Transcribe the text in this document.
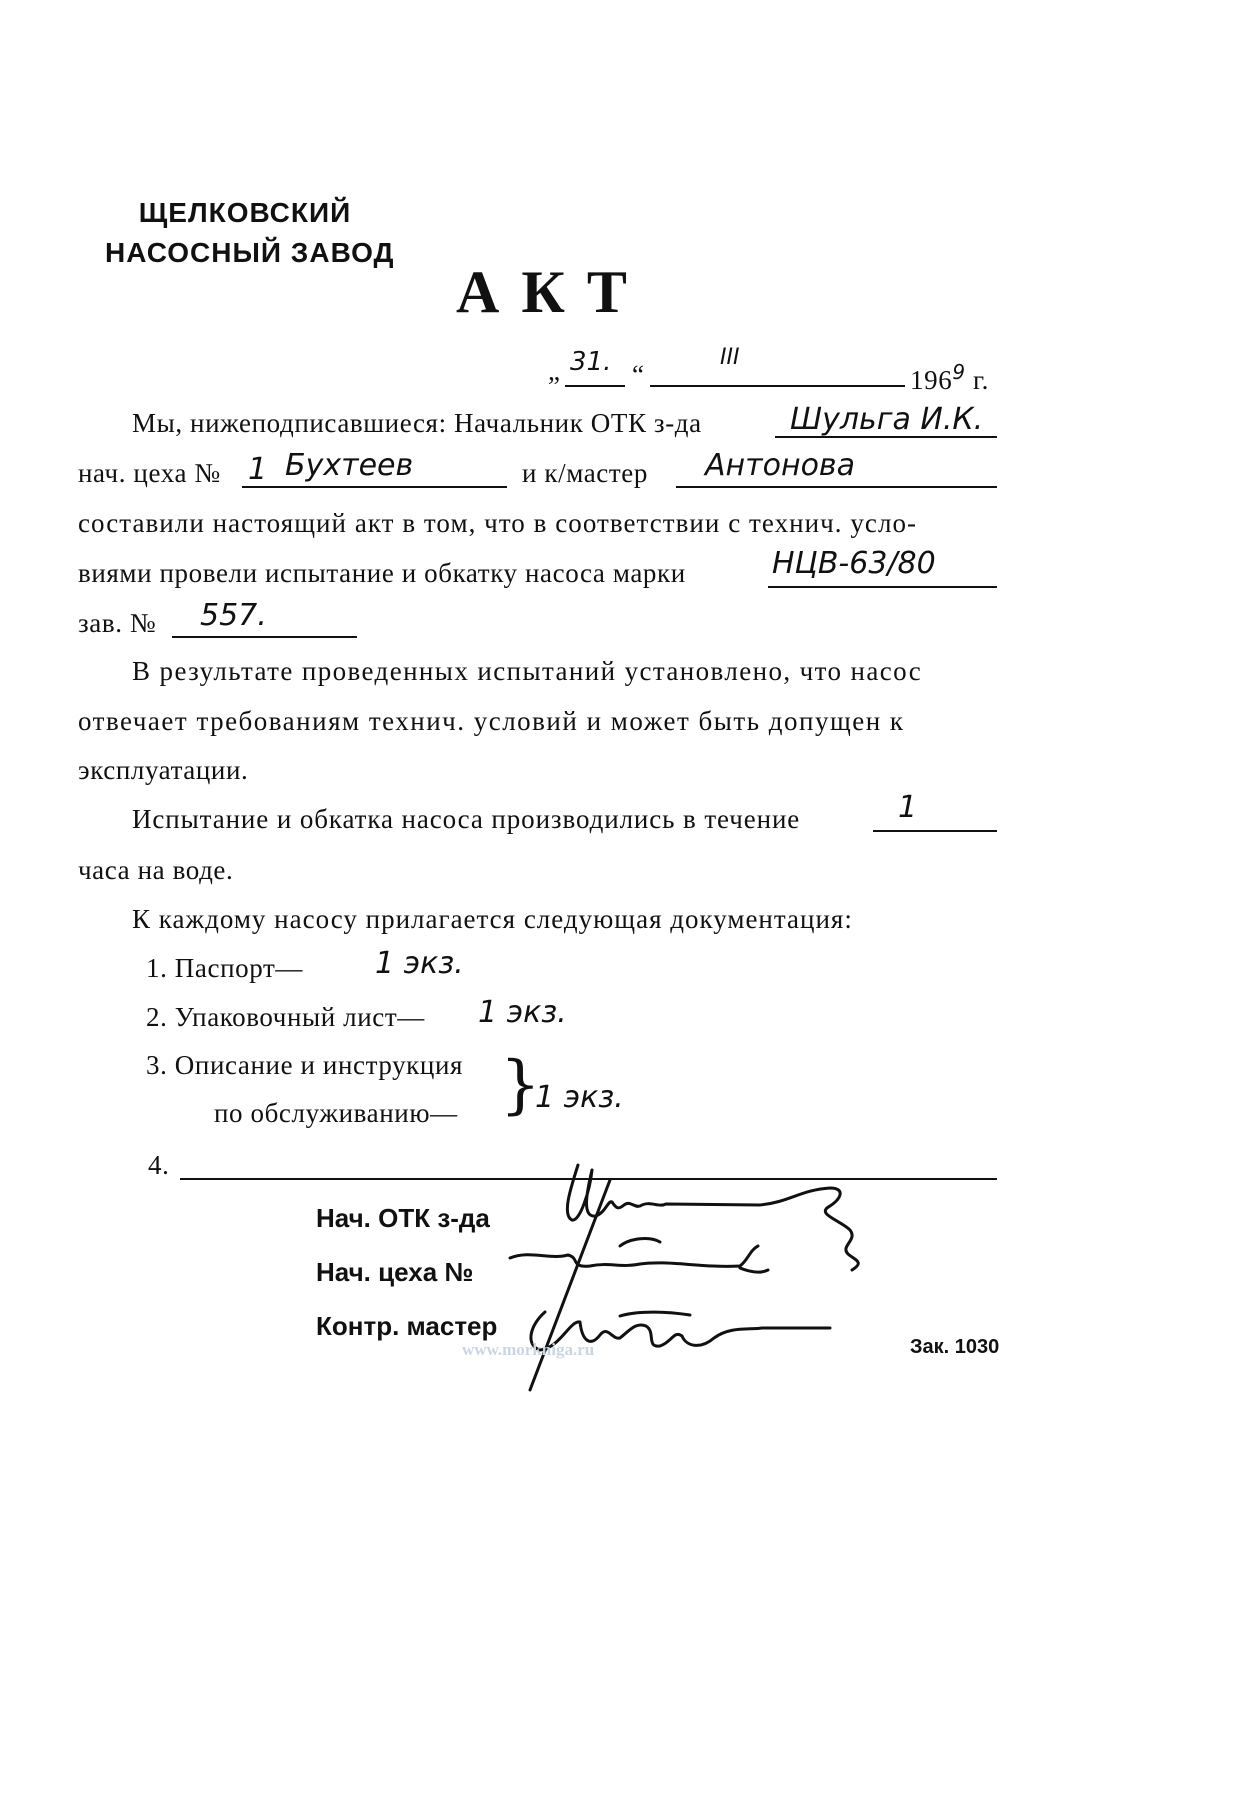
ЩЕЛКОВСКИЙ
НАСОСНЫЙ ЗАВОД
АКТ
„ 31. “
III
$196^9$ г.
Мы, нижеподписавшиеся: Начальник ОТК з-да	Шульга И.К.
нач. цеха № 1 Бухтеев	и к/мастер Антонова
составили настоящий акт в том, что в соответствии с технич. усло-
виями провели испытание и обкатку насоса марки	НЦВ-63/80
зав. № 557.
В результате проведенных испытаний установлено, что насос
отвечает требованиям технич. условий и может быть допущен к
эксплуатации.
Испытание и обкатка насоса производились в течение	1
часа на воде.
К каждому насосу прилагается следующая документация:
1. Паспорт— 1 экз.
2. Упаковочный лист— 1 экз.
3. Описание и инструкция
по обслуживанию— }
1 экз.
4.
Нач. ОТК з-да
Нач. цеха №
Контр. мастер
www.morkniga.ru	Зак. 1030
